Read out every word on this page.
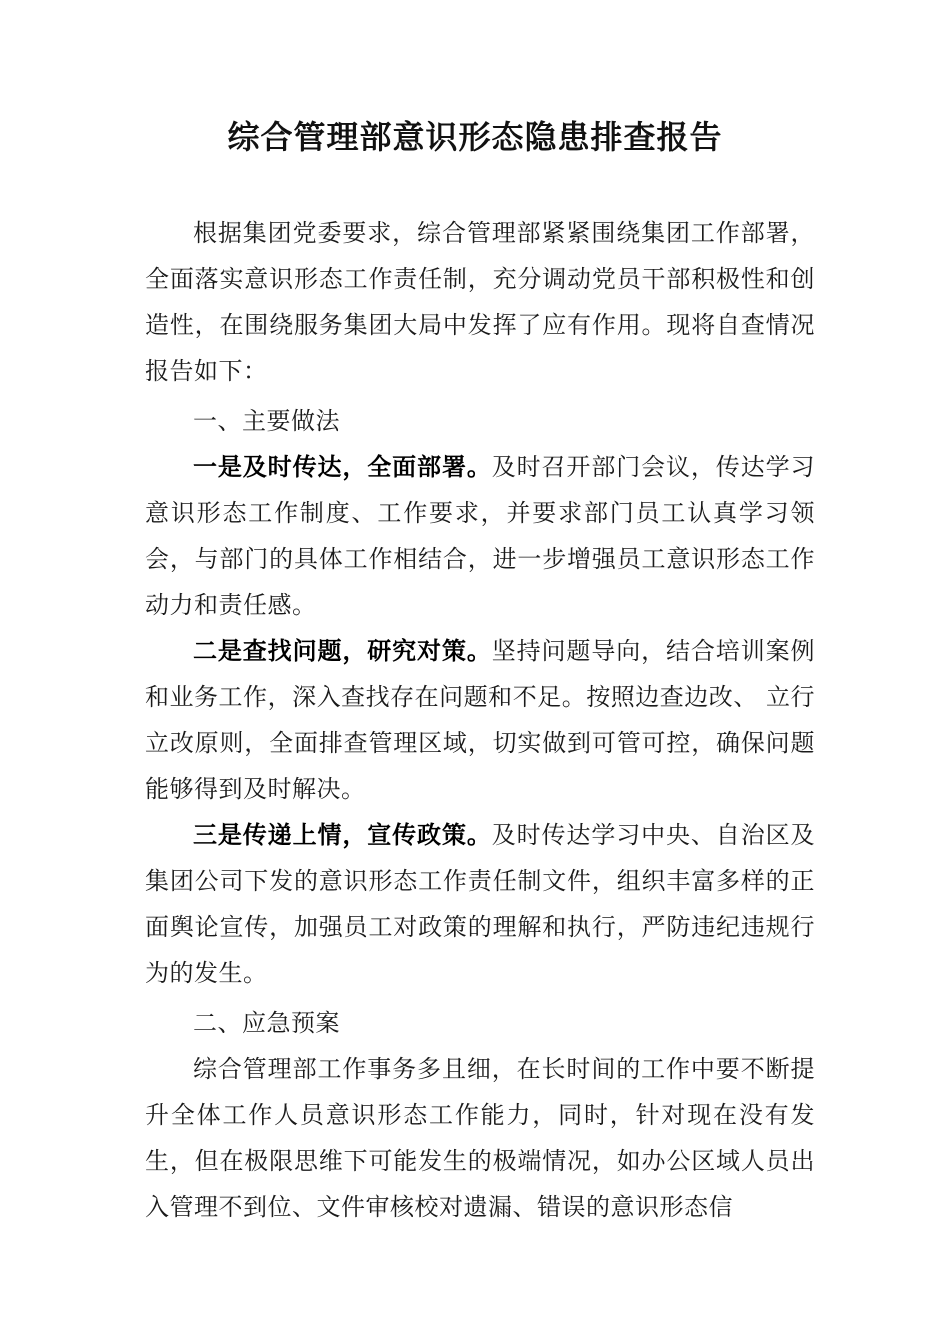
综合管理部意识形态隐患排查报告

根据集团党委要求，综合管理部紧紧围绕集团工作部署，全面落实意识形态工作责任制，充分调动党员干部积极性和创造性，在围绕服务集团大局中发挥了应有作用。现将自查情况报告如下：

一、主要做法

一是及时传达，全面部署。及时召开部门会议，传达学习意识形态工作制度、工作要求，并要求部门员工认真学习领会，与部门的具体工作相结合，进一步增强员工意识形态工作动力和责任感。

二是查找问题，研究对策。坚持问题导向，结合培训案例和业务工作，深入查找存在问题和不足。按照边查边改、 立行立改原则，全面排查管理区域，切实做到可管可控，确保问题能够得到及时解决。

三是传递上情，宣传政策。及时传达学习中央、自治区及集团公司下发的意识形态工作责任制文件，组织丰富多样的正面舆论宣传，加强员工对政策的理解和执行，严防违纪违规行为的发生。

二、应急预案

综合管理部工作事务多且细，在长时间的工作中要不断提升全体工作人员意识形态工作能力，同时，针对现在没有发生，但在极限思维下可能发生的极端情况，如办公区域人员出入管理不到位、文件审核校对遗漏、错误的意识形态信
